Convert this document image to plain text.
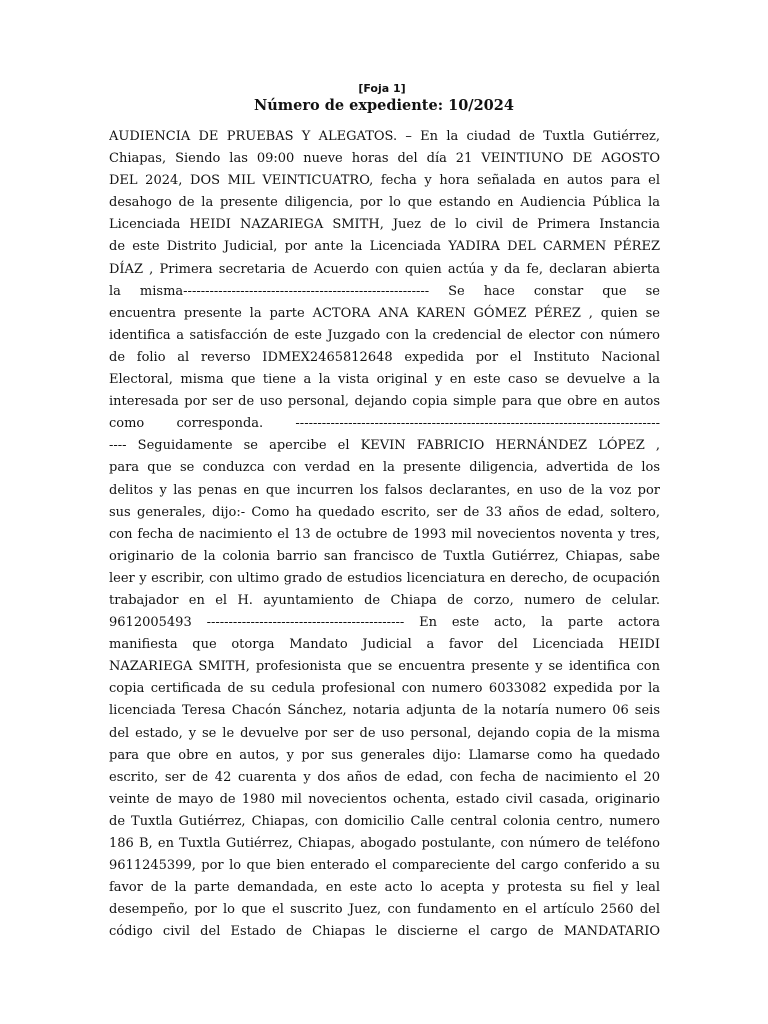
[Foja 1]
Número de expediente: 10/2024
AUDIENCIA DE PRUEBAS Y ALEGATOS. – En la ciudad de Tuxtla Gutiérrez,
Chiapas, Siendo las 09:00 nueve horas del día 21 VEINTIUNO DE AGOSTO
DEL 2024, DOS MIL VEINTICUATRO, fecha y hora señalada en autos para el
desahogo de la presente diligencia, por lo que estando en Audiencia Pública la
Licenciada HEIDI NAZARIEGA SMITH, Juez de lo civil de Primera Instancia
de este Distrito Judicial, por ante la Licenciada YADIRA DEL CARMEN PÉREZ
DÍAZ , Primera secretaria de Acuerdo con quien actúa y da fe, declaran abierta
la misma-------------------------------------------------------- Se hace constar que se
encuentra presente la parte ACTORA ANA KAREN GÓMEZ PÉREZ , quien se
identifica a satisfacción de este Juzgado con la credencial de elector con número
de folio al reverso IDMEX2465812648 expedida por el Instituto Nacional
Electoral, misma que tiene a la vista original y en este caso se devuelve a la
interesada por ser de uso personal, dejando copia simple para que obre en autos
como corresponda. -----------------------------------------------------------------------------------
---- Seguidamente se apercibe el KEVIN FABRICIO HERNÁNDEZ LÓPEZ ,
para que se conduzca con verdad en la presente diligencia, advertida de los
delitos y las penas en que incurren los falsos declarantes, en uso de la voz por
sus generales, dijo:- Como ha quedado escrito, ser de 33 años de edad, soltero,
con fecha de nacimiento el 13 de octubre de 1993 mil novecientos noventa y tres,
originario de la colonia barrio san francisco de Tuxtla Gutiérrez, Chiapas, sabe
leer y escribir, con ultimo grado de estudios licenciatura en derecho, de ocupación
trabajador en el H. ayuntamiento de Chiapa de corzo, numero de celular.
9612005493 --------------------------------------------- En este acto, la parte actora
manifiesta que otorga Mandato Judicial a favor del Licenciada HEIDI
NAZARIEGA SMITH, profesionista que se encuentra presente y se identifica con
copia certificada de su cedula profesional con numero 6033082 expedida por la
licenciada Teresa Chacón Sánchez, notaria adjunta de la notaría numero 06 seis
del estado, y se le devuelve por ser de uso personal, dejando copia de la misma
para que obre en autos, y por sus generales dijo: Llamarse como ha quedado
escrito, ser de 42 cuarenta y dos años de edad, con fecha de nacimiento el 20
veinte de mayo de 1980 mil novecientos ochenta, estado civil casada, originario
de Tuxtla Gutiérrez, Chiapas, con domicilio Calle central colonia centro, numero
186 B, en Tuxtla Gutiérrez, Chiapas, abogado postulante, con número de teléfono
9611245399, por lo que bien enterado el compareciente del cargo conferido a su
favor de la parte demandada, en este acto lo acepta y protesta su fiel y leal
desempeño, por lo que el suscrito Juez, con fundamento en el artículo 2560 del
código civil del Estado de Chiapas le discierne el cargo de MANDATARIO
